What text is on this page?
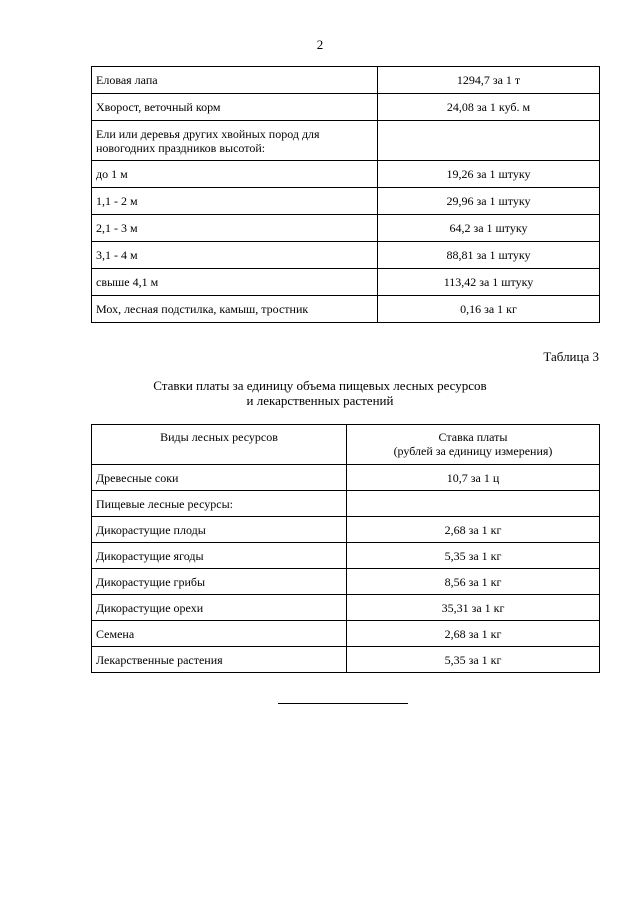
2
Еловая лапа	1294,7 за 1 т
Хворост, веточный корм	24,08 за 1 куб. м
Ели или деревья других хвойных пород для новогодних праздников высотой:	
до 1 м	19,26 за 1 штуку
1,1 - 2 м	29,96 за 1 штуку
2,1 - 3 м	64,2 за 1 штуку
3,1 - 4 м	88,81 за 1 штуку
свыше 4,1 м	113,42 за 1 штуку
Мох, лесная подстилка, камыш, тростник	0,16 за 1 кг
Таблица 3
Ставки платы за единицу объема пищевых лесных ресурсов
и лекарственных растений
Виды лесных ресурсов	Ставка платы
(рублей за единицу измерения)

Древесные соки	10,7 за 1 ц
Пищевые лесные ресурсы:	
Дикорастущие плоды	2,68 за 1 кг
Дикорастущие ягоды	5,35 за 1 кг
Дикорастущие грибы	8,56 за 1 кг
Дикорастущие орехи	35,31 за 1 кг
Семена	2,68 за 1 кг
Лекарственные растения	5,35 за 1 кг
